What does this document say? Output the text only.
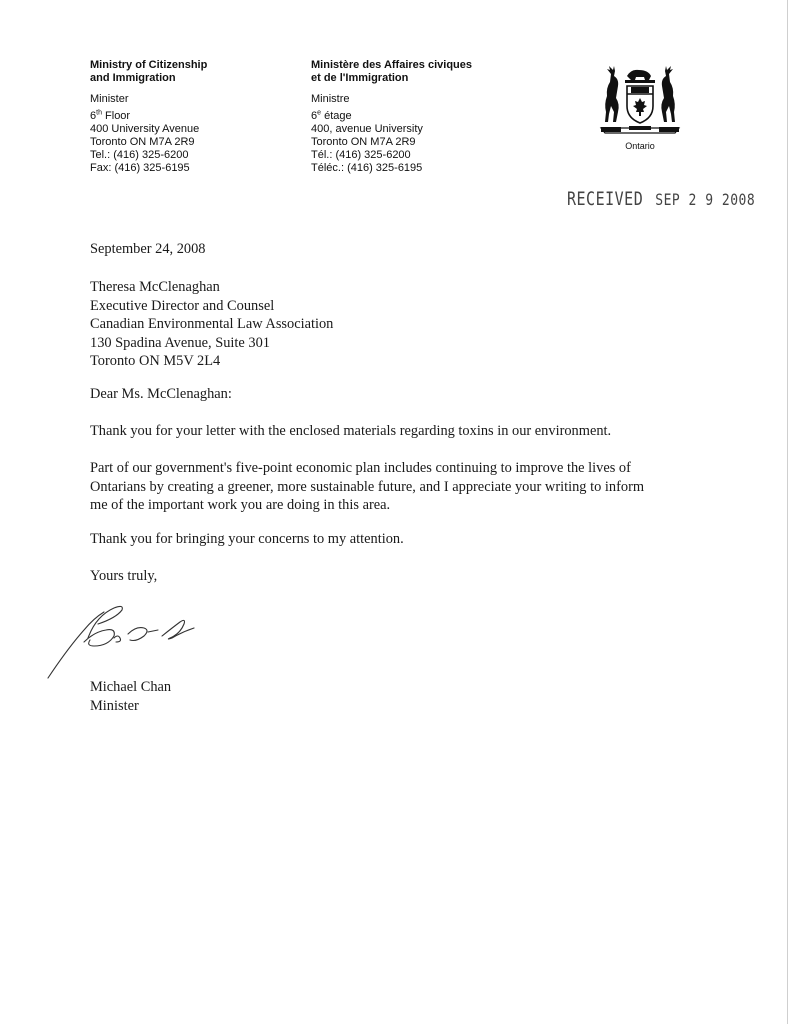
Ministry of Citizenship
and Immigration
Minister
6th Floor
400 University Avenue
Toronto ON M7A 2R9
Tel.: (416) 325-6200
Fax: (416) 325-6195
Ministère des Affaires civiques
et de l'Immigration
Ministre
6e étage
400, avenue University
Toronto ON M7A 2R9
Tél.: (416) 325-6200
Téléc.: (416) 325-6195
Ontario
RECEIVED SEP 2 9 2008
September 24, 2008
Theresa McClenaghan
Executive Director and Counsel
Canadian Environmental Law Association
130 Spadina Avenue, Suite 301
Toronto ON M5V 2L4
Dear Ms. McClenaghan:
Thank you for your letter with the enclosed materials regarding toxins in our environment.
Part of our government's five-point economic plan includes continuing to improve the lives of
Ontarians by creating a greener, more sustainable future, and I appreciate your writing to inform
me of the important work you are doing in this area.
Thank you for bringing your concerns to my attention.
Yours truly,
Michael Chan
Minister
